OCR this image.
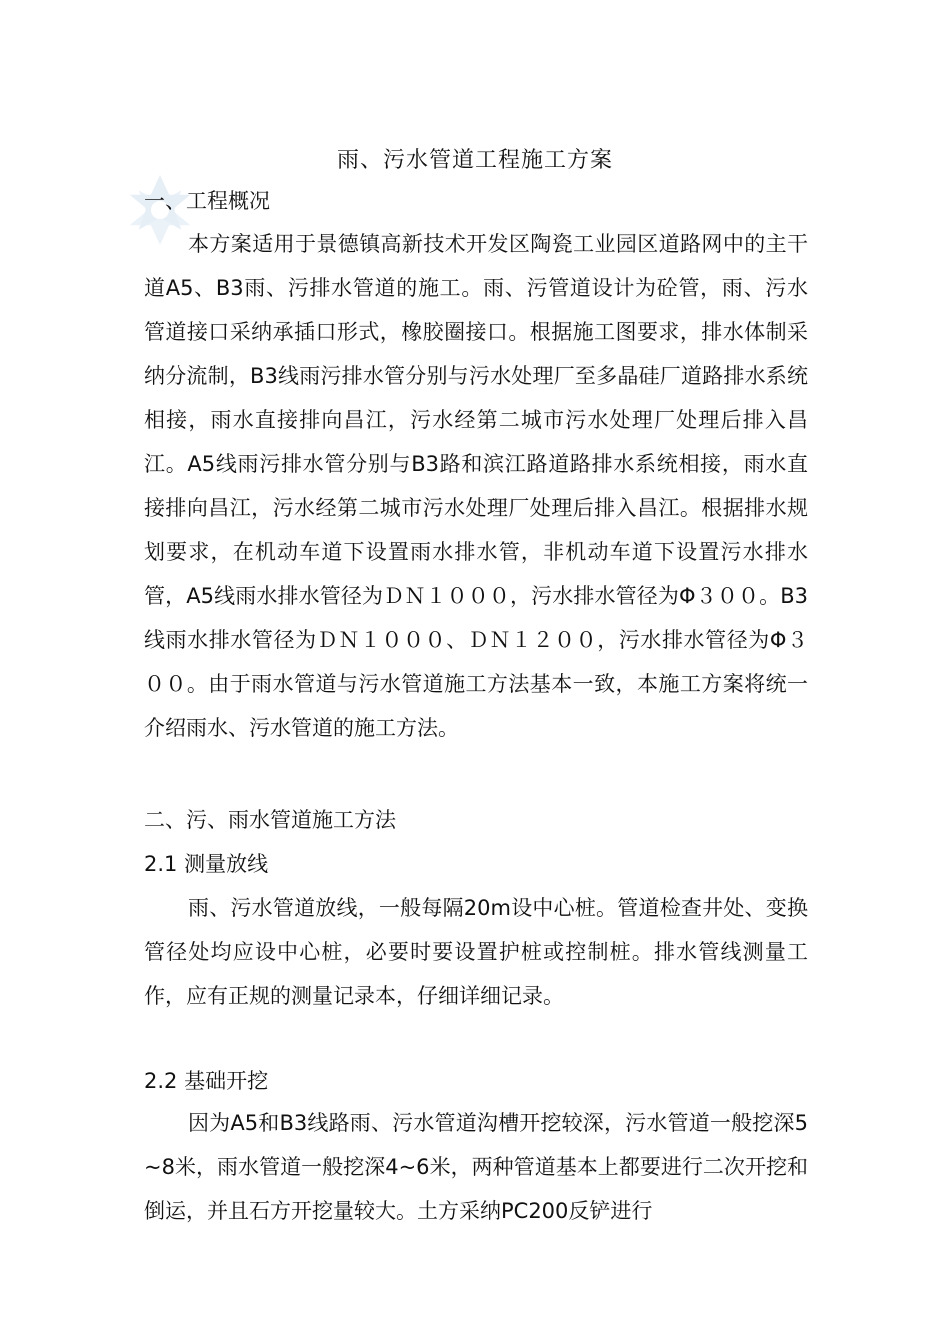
雨、污水管道工程施工方案
一、工程概况

本方案适用于景德镇高新技术开发区陶瓷工业园区道路网中的主干道A5、B3雨、污排水管道的施工。雨、污管道设计为砼管，雨、污水管道接口采纳承插口形式，橡胶圈接口。根据施工图要求，排水体制采纳分流制，B3线雨污排水管分别与污水处理厂至多晶硅厂道路排水系统相接，雨水直接排向昌江，污水经第二城市污水处理厂处理后排入昌江。A5线雨污排水管分别与B3路和滨江路道路排水系统相接，雨水直接排向昌江，污水经第二城市污水处理厂处理后排入昌江。根据排水规划要求，在机动车道下设置雨水排水管，非机动车道下设置污水排水管，A5线雨水排水管径为ＤＮ１０００，污水排水管径为Φ３００。B3线雨水排水管径为ＤＮ１０００、ＤＮ１２００，污水排水管径为Φ３００。由于雨水管道与污水管道施工方法基本一致，本施工方案将统一介绍雨水、污水管道的施工方法。

二、污、雨水管道施工方法
2.1 测量放线

雨、污水管道放线，一般每隔20m设中心桩。管道检查井处、变换管径处均应设中心桩，必要时要设置护桩或控制桩。排水管线测量工作，应有正规的测量记录本，仔细详细记录。

2.2 基础开挖

因为A5和B3线路雨、污水管道沟槽开挖较深，污水管道一般挖深5~8米，雨水管道一般挖深4~6米，两种管道基本上都要进行二次开挖和倒运，并且石方开挖量较大。土方采纳PC200反铲进行
